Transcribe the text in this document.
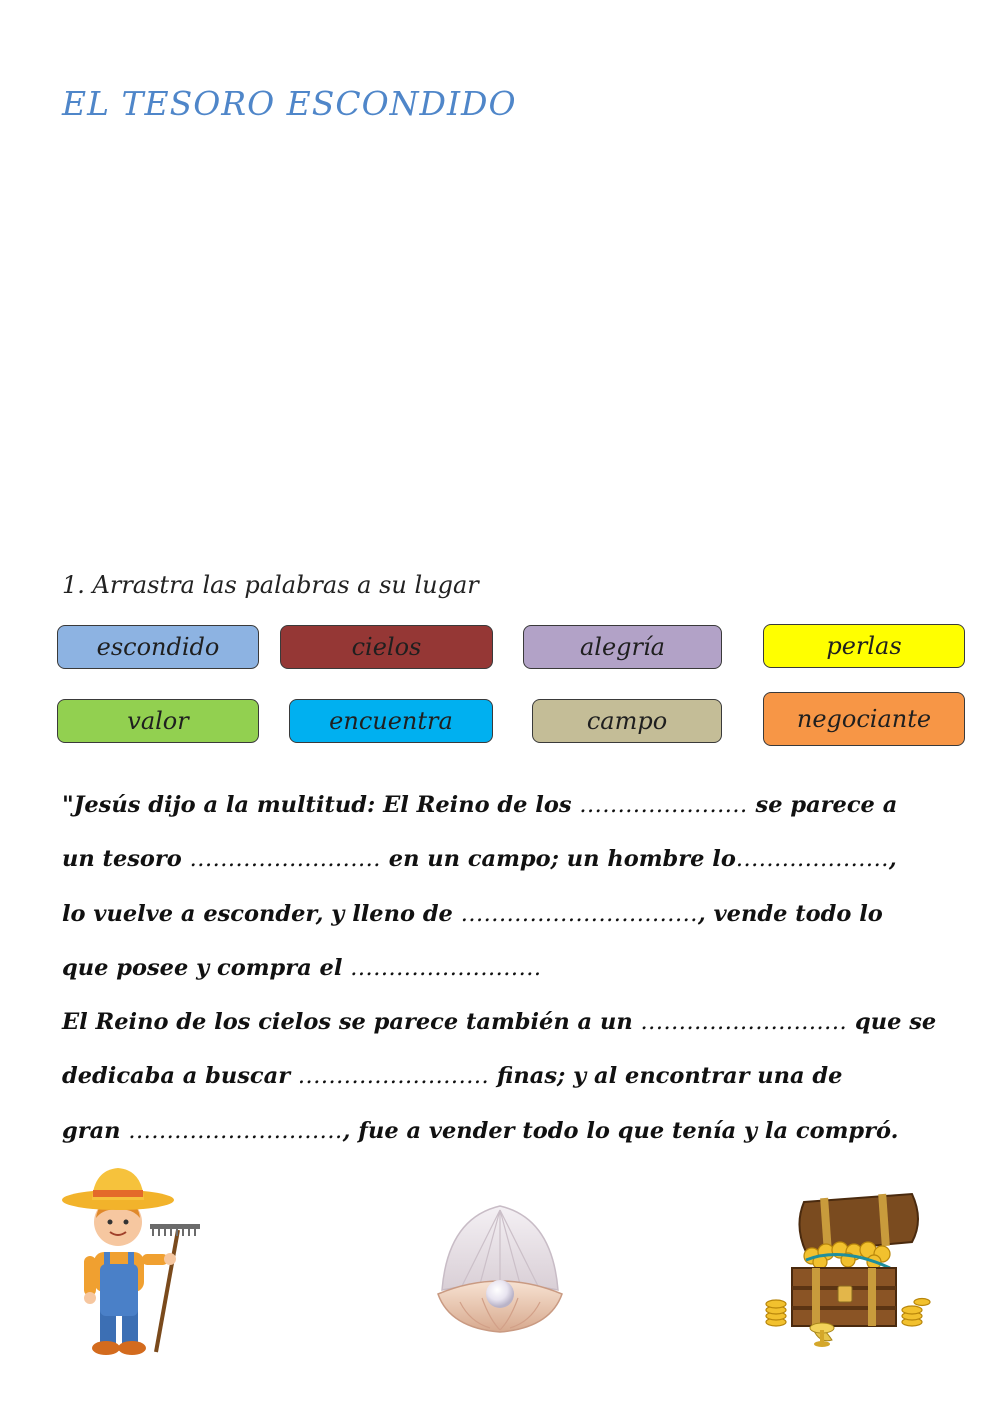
EL TESORO ESCONDIDO
1. Arrastra las palabras a su lugar
escondido	cielos	alegría	perlas
valor	encuentra	campo	negociante
"Jesús dijo a la multitud: El Reino de los ...................... se parece a
un tesoro ......................... en un campo; un hombre lo....................,
lo vuelve a esconder, y lleno de ..............................., vende todo lo
que posee y compra el .........................
El Reino de los cielos se parece también a un ........................... que se
dedicaba a buscar ......................... finas; y al encontrar una de
gran ............................, fue a vender todo lo que tenía y la compró.
